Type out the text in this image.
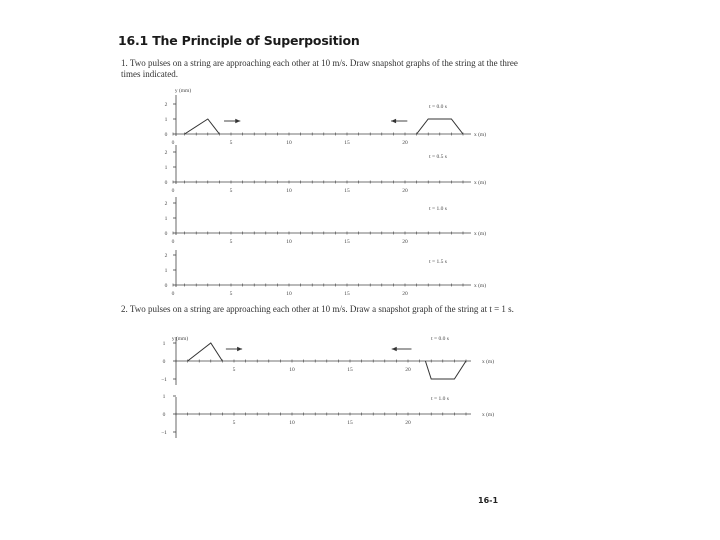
16.1 The Principle of Superposition
1. Two pulses on a string are approaching each other at 10 m/s. Draw snapshot graphs of the string at the three times indicated.
2. Two pulses on a string are approaching each other at 10 m/s. Draw a snapshot graph of the string at t = 1 s.
16-1
2
1
0
0	5	10	15	20
x (m)
t = 0.0 s
2
1
0
0	5	10	15	20
x (m)
t = 0.5 s
2
1
0
0	5	10	15	20
x (m)
t = 1.0 s
2
1
0
0	5	10	15	20
x (m)
t = 1.5 s
y (mm)
1
0
−1
5	10	15	20
x (m)
t = 0.0 s
1
0
−1
5	10	15	20
x (m)
t = 1.0 s
y (mm)
